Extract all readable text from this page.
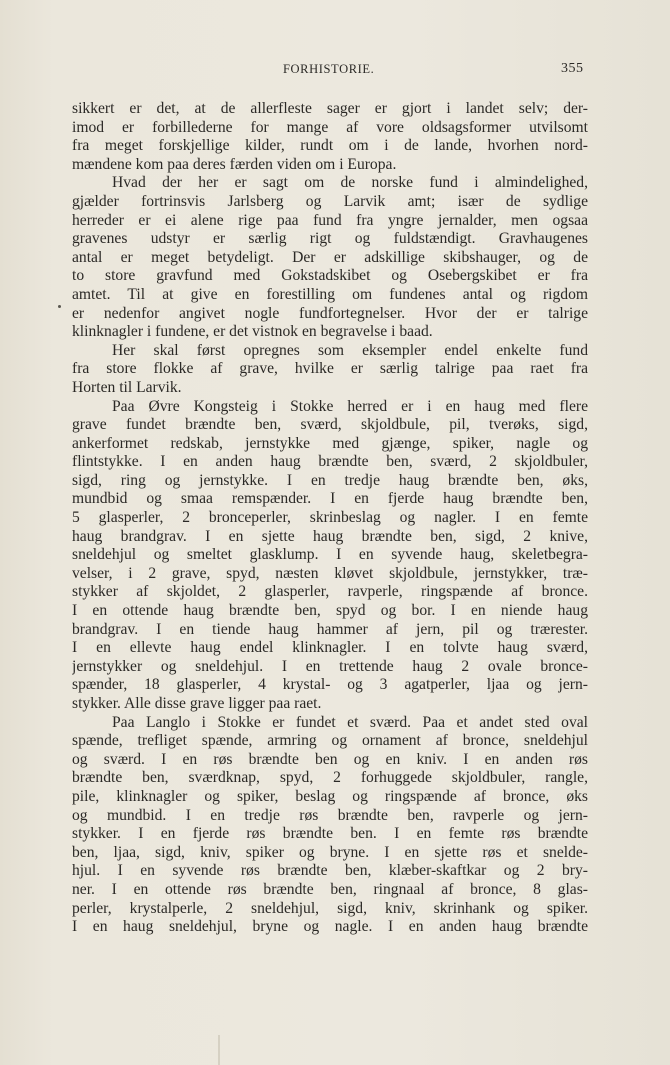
FORHISTORIE.	355
sikkert er det, at de allerfleste sager er gjort i landet selv; der-
imod er forbillederne for mange af vore oldsagsformer utvilsomt
fra meget forskjellige kilder, rundt om i de lande, hvorhen nord-
mændene kom paa deres færden viden om i Europa.
Hvad der her er sagt om de norske fund i almindelighed,
gjælder fortrinsvis Jarlsberg og Larvik amt; især de sydlige
herreder er ei alene rige paa fund fra yngre jernalder, men ogsaa
gravenes udstyr er særlig rigt og fuldstændigt. Gravhaugenes
antal er meget betydeligt. Der er adskillige skibshauger, og de
to store gravfund med Gokstadskibet og Osebergskibet er fra
amtet. Til at give en forestilling om fundenes antal og rigdom
er nedenfor angivet nogle fundfortegnelser. Hvor der er talrige
klinknagler i fundene, er det vistnok en begravelse i baad.
Her skal først opregnes som eksempler endel enkelte fund
fra store flokke af grave, hvilke er særlig talrige paa raet fra
Horten til Larvik.
Paa Øvre Kongsteig i Stokke herred er i en haug med flere
grave fundet brændte ben, sværd, skjoldbule, pil, tverøks, sigd,
ankerformet redskab, jernstykke med gjænge, spiker, nagle og
flintstykke. I en anden haug brændte ben, sværd, 2 skjoldbuler,
sigd, ring og jernstykke. I en tredje haug brændte ben, øks,
mundbid og smaa remspænder. I en fjerde haug brændte ben,
5 glasperler, 2 bronceperler, skrinbeslag og nagler. I en femte
haug brandgrav. I en sjette haug brændte ben, sigd, 2 knive,
sneldehjul og smeltet glasklump. I en syvende haug, skeletbegra-
velser, i 2 grave, spyd, næsten kløvet skjoldbule, jernstykker, træ-
stykker af skjoldet, 2 glasperler, ravperle, ringspænde af bronce.
I en ottende haug brændte ben, spyd og bor. I en niende haug
brandgrav. I en tiende haug hammer af jern, pil og trærester.
I en ellevte haug endel klinknagler. I en tolvte haug sværd,
jernstykker og sneldehjul. I en trettende haug 2 ovale bronce-
spænder, 18 glasperler, 4 krystal- og 3 agatperler, ljaa og jern-
stykker. Alle disse grave ligger paa raet.
Paa Langlo i Stokke er fundet et sværd. Paa et andet sted oval
spænde, trefliget spænde, armring og ornament af bronce, sneldehjul
og sværd. I en røs brændte ben og en kniv. I en anden røs
brændte ben, sværdknap, spyd, 2 forhuggede skjoldbuler, rangle,
pile, klinknagler og spiker, beslag og ringspænde af bronce, øks
og mundbid. I en tredje røs brændte ben, ravperle og jern-
stykker. I en fjerde røs brændte ben. I en femte røs brændte
ben, ljaa, sigd, kniv, spiker og bryne. I en sjette røs et snelde-
hjul. I en syvende røs brændte ben, klæber-skaftkar og 2 bry-
ner. I en ottende røs brændte ben, ringnaal af bronce, 8 glas-
perler, krystalperle, 2 sneldehjul, sigd, kniv, skrinhank og spiker.
I en haug sneldehjul, bryne og nagle. I en anden haug brændte
